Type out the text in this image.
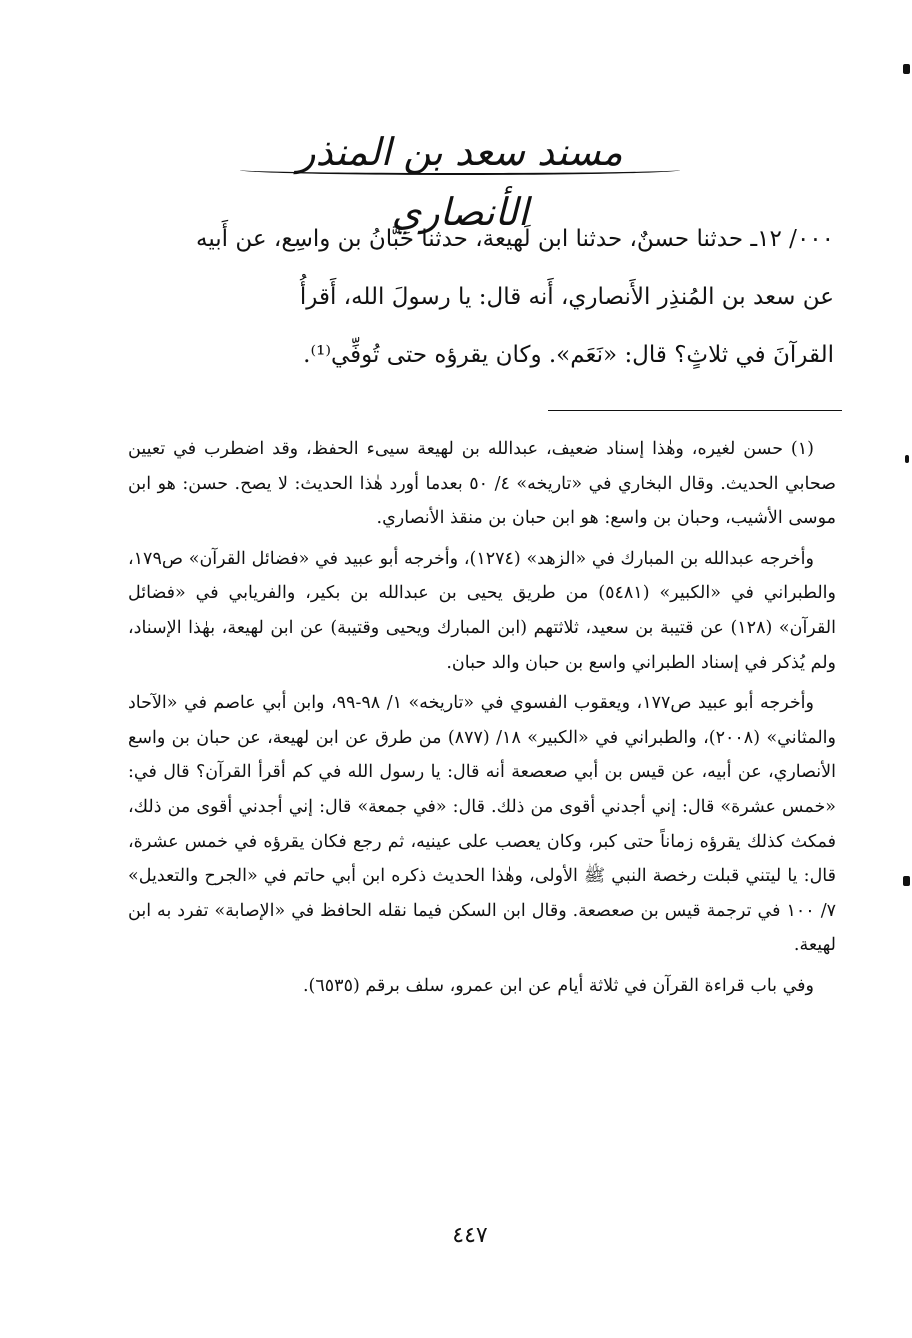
مسند سعد بن المنذر الأنصاري
٠٠٠/ ١٢ـ حدثنا حسنٌ، حدثنا ابن لَهيعة، حدثنا حَبَّانُ بن واسِع، عن أَبيه
عن سعد بن المُنذِر الأَنصاري، أَنه قال: يا رسولَ الله، أَقرأُ
القرآنَ في ثلاثٍ؟ قال: «نَعَم». وكان يقرؤه حتى تُوفِّي⁽¹⁾.

(١) حسن لغيره، وهٰذا إسناد ضعيف، عبدالله بن لهيعة سيىء الحفظ، وقد اضطرب في تعيين صحابي الحديث. وقال البخاري في «تاريخه» ٤/ ٥٠ بعدما أورد هٰذا الحديث: لا يصح. حسن: هو ابن موسى الأشيب، وحبان بن واسع: هو ابن حبان بن منقذ الأنصاري.

وأخرجه عبدالله بن المبارك في «الزهد» (١٢٧٤)، وأخرجه أبو عبيد في «فضائل القرآن» ص١٧٩، والطبراني في «الكبير» (٥٤٨١) من طريق يحيى بن عبدالله بن بكير، والفريابي في «فضائل القرآن» (١٢٨) عن قتيبة بن سعيد، ثلاثتهم (ابن المبارك ويحيى وقتيبة) عن ابن لهيعة، بهٰذا الإسناد، ولم يُذكر في إسناد الطبراني واسع بن حبان والد حبان.

وأخرجه أبو عبيد ص١٧٧، ويعقوب الفسوي في «تاريخه» ١/ ٩٨-٩٩، وابن أبي عاصم في «الآحاد والمثاني» (٢٠٠٨)، والطبراني في «الكبير» ١٨/ (٨٧٧) من طرق عن ابن لهيعة، عن حبان بن واسع الأنصاري، عن أبيه، عن قيس بن أبي صعصعة أنه قال: يا رسول الله في كم أقرأ القرآن؟ قال في: «خمس عشرة» قال: إني أجدني أقوى من ذلك. قال: «في جمعة» قال: إني أجدني أقوى من ذلك، فمكث كذلك يقرؤه زماناً حتى كبر، وكان يعصب على عينيه، ثم رجع فكان يقرؤه في خمس عشرة، قال: يا ليتني قبلت رخصة النبي ﷺ الأولى، وهٰذا الحديث ذكره ابن أبي حاتم في «الجرح والتعديل» ٧/ ١٠٠ في ترجمة قيس بن صعصعة. وقال ابن السكن فيما نقله الحافظ في «الإصابة» تفرد به ابن لهيعة.

وفي باب قراءة القرآن في ثلاثة أيام عن ابن عمرو، سلف برقم (٦٥٣٥).

٤٤٧
